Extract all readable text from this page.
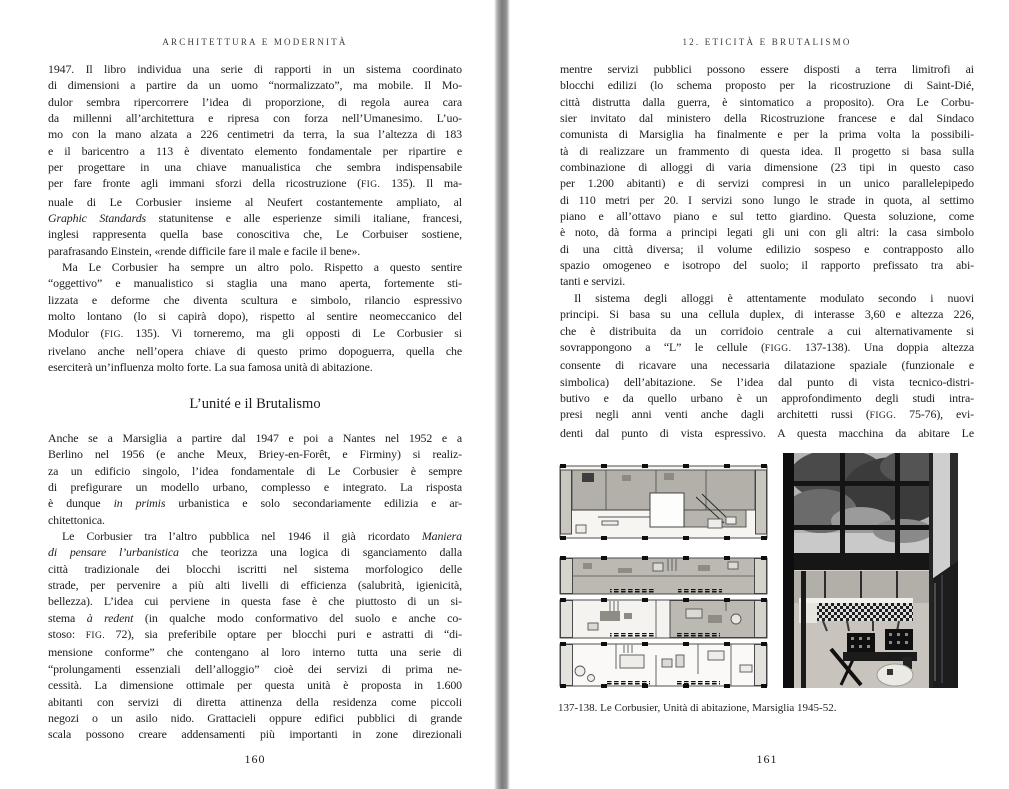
ARCHITETTURA E MODERNITÀ
1947. Il libro individua una serie di rapporti in un sistema coordinato
di dimensioni a partire da un uomo “normalizzato”, ma mobile. Il Mo-
dulor sembra ripercorrere l’idea di proporzione, di regola aurea cara
da millenni all’architettura e ripresa con forza nell’Umanesimo. L’uo-
mo con la mano alzata a 226 centimetri da terra, la sua l’altezza di 183
e il baricentro a 113 è diventato elemento fondamentale per ripartire e
per progettare in una chiave manualistica che sembra indispensabile
per fare fronte agli immani sforzi della ricostruzione (FIG. 135). Il ma-
nuale di Le Corbusier insieme al Neufert costantemente ampliato, al
Graphic Standards statunitense e alle esperienze simili italiane, francesi,
inglesi rappresenta quella base conoscitiva che, Le Corbuiser sostiene,
parafrasando Einstein, «rende difficile fare il male e facile il bene».
Ma Le Corbusier ha sempre un altro polo. Rispetto a questo sentire
“oggettivo” e manualistico si staglia una mano aperta, fortemente sti-
lizzata e deforme che diventa scultura e simbolo, rilancio espressivo
molto lontano (lo si capirà dopo), rispetto al sentire neomeccanico del
Modulor (FIG. 135). Vi torneremo, ma gli opposti di Le Corbusier si
rivelano anche nell’opera chiave di questo primo dopoguerra, quella che
eserciterà un’influenza molto forte. La sua famosa unità di abitazione.
L’unité e il Brutalismo
Anche se a Marsiglia a partire dal 1947 e poi a Nantes nel 1952 e a
Berlino nel 1956 (e anche Meux, Briey-en-Forêt, e Firminy) si realiz-
za un edificio singolo, l’idea fondamentale di Le Corbusier è sempre
di prefigurare un modello urbano, complesso e integrato. La risposta
è dunque in primis urbanistica e solo secondariamente edilizia e ar-
chitettonica.
Le Corbusier tra l’altro pubblica nel 1946 il già ricordato Maniera
di pensare l’urbanistica che teorizza una logica di sganciamento dalla
città tradizionale dei blocchi iscritti nel sistema morfologico delle
strade, per pervenire a più alti livelli di efficienza (salubrità, igienicità,
bellezza). L’idea cui perviene in questa fase è che piuttosto di un si-
stema à redent (in qualche modo conformativo del suolo e anche co-
stoso: FIG. 72), sia preferibile optare per blocchi puri e astratti di “di-
mensione conforme” che contengano al loro interno tutta una serie di
“prolungamenti essenziali dell’alloggio” cioè dei servizi di prima ne-
cessità. La dimensione ottimale per questa unità è proposta in 1.600
abitanti con servizi di diretta attinenza della residenza come piccoli
negozi o un asilo nido. Grattacieli oppure edifici pubblici di grande
scala possono creare addensamenti più importanti in zone direzionali
160
12. ETICITÀ E BRUTALISMO
mentre servizi pubblici possono essere disposti a terra limitrofi ai
blocchi edilizi (lo schema proposto per la ricostruzione di Saint-Dié,
città distrutta dalla guerra, è sintomatico a proposito). Ora Le Corbu-
sier invitato dal ministero della Ricostruzione francese e dal Sindaco
comunista di Marsiglia ha finalmente e per la prima volta la possibili-
tà di realizzare un frammento di questa idea. Il progetto si basa sulla
combinazione di alloggi di varia dimensione (23 tipi in questo caso
per 1.200 abitanti) e di servizi compresi in un unico parallelepipedo
di 110 metri per 20. I servizi sono lungo le strade in quota, al settimo
piano e all’ottavo piano e sul tetto giardino. Questa soluzione, come
è noto, dà forma a principi legati gli uni con gli altri: la casa simbolo
di una città diversa; il volume edilizio sospeso e contrapposto allo
spazio omogeneo e isotropo del suolo; il rapporto prefissato tra abi-
tanti e servizi.
Il sistema degli alloggi è attentamente modulato secondo i nuovi
principi. Si basa su una cellula duplex, di interasse 3,60 e altezza 226,
che è distribuita da un corridoio centrale a cui alternativamente si
sovrappongono a “L” le cellule (FIGG. 137-138). Una doppia altezza
consente di ricavare una necessaria dilatazione spaziale (funzionale e
simbolica) dell’abitazione. Se l’idea dal punto di vista tecnico-distri-
butivo e da quello urbano è un approfondimento degli studi intra-
presi negli anni venti anche dagli architetti russi (FIGG. 75-76), evi-
denti dal punto di vista espressivo. A questa macchina da abitare Le
137-138. Le Corbusier, Unità di abitazione, Marsiglia 1945-52.
161
